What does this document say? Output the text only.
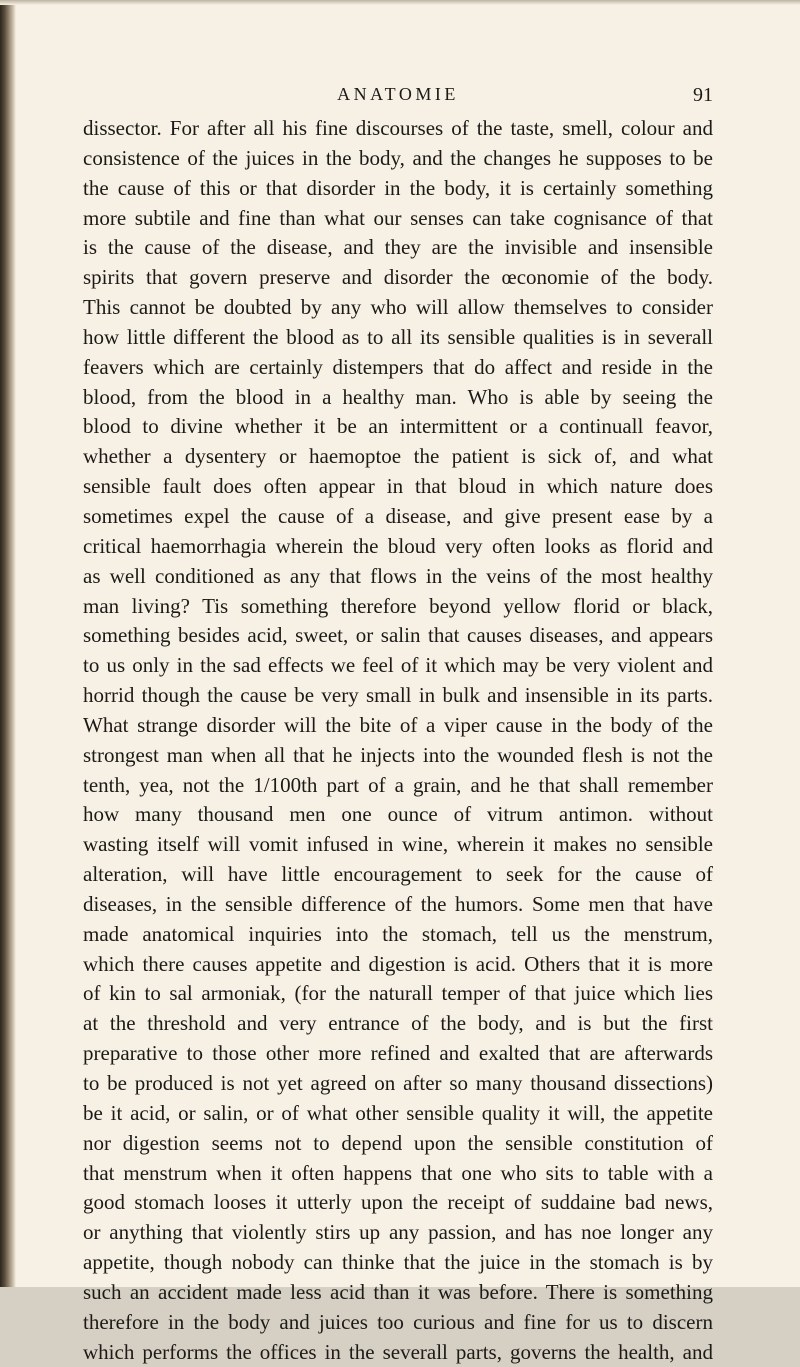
ANATOMIE	91
dissector. For after all his fine discourses of the taste, smell, colour and
consistence of the juices in the body, and the changes he supposes to be
the cause of this or that disorder in the body, it is certainly something
more subtile and fine than what our senses can take cognisance of that
is the cause of the disease, and they are the invisible and insensible
spirits that govern preserve and disorder the œconomie of the body.
This cannot be doubted by any who will allow themselves to consider
how little different the blood as to all its sensible qualities is in severall
feavers which are certainly distempers that do affect and reside in the
blood, from the blood in a healthy man. Who is able by seeing the
blood to divine whether it be an intermittent or a continuall feavor,
whether a dysentery or haemoptoe the patient is sick of, and what
sensible fault does often appear in that bloud in which nature does
sometimes expel the cause of a disease, and give present ease by a
critical haemorrhagia wherein the bloud very often looks as florid and
as well conditioned as any that flows in the veins of the most healthy
man living? Tis something therefore beyond yellow florid or black,
something besides acid, sweet, or salin that causes diseases, and appears
to us only in the sad effects we feel of it which may be very violent and
horrid though the cause be very small in bulk and insensible in its parts.
What strange disorder will the bite of a viper cause in the body of the
strongest man when all that he injects into the wounded flesh is not the
tenth, yea, not the 1/100th part of a grain, and he that shall remember
how many thousand men one ounce of vitrum antimon. without
wasting itself will vomit infused in wine, wherein it makes no sensible
alteration, will have little encouragement to seek for the cause of
diseases, in the sensible difference of the humors. Some men that have
made anatomical inquiries into the stomach, tell us the menstrum,
which there causes appetite and digestion is acid. Others that it is more
of kin to sal armoniak, (for the naturall temper of that juice which lies
at the threshold and very entrance of the body, and is but the first
preparative to those other more refined and exalted that are afterwards
to be produced is not yet agreed on after so many thousand dissections)
be it acid, or salin, or of what other sensible quality it will, the appetite
nor digestion seems not to depend upon the sensible constitution of
that menstrum when it often happens that one who sits to table with a
good stomach looses it utterly upon the receipt of suddaine bad news,
or anything that violently stirs up any passion, and has noe longer any
appetite, though nobody can thinke that the juice in the stomach is by
such an accident made less acid than it was before. There is something
therefore in the body and juices too curious and fine for us to discern
which performs the offices in the severall parts, governs the health, and
